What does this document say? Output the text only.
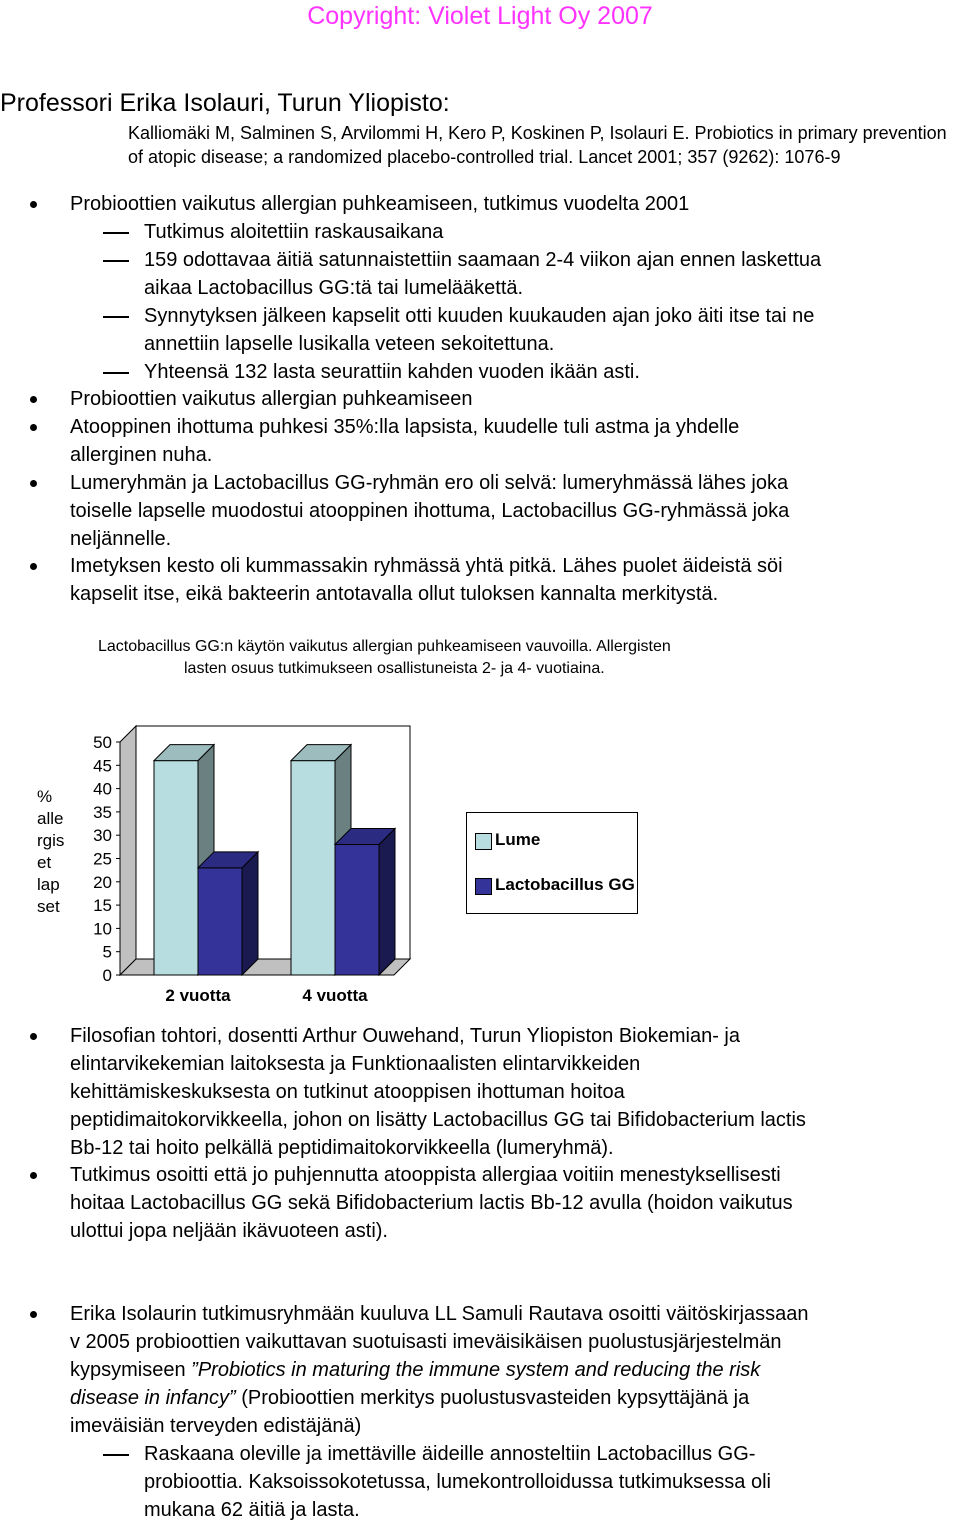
Copyright: Violet Light Oy 2007
Professori Erika Isolauri, Turun Yliopisto:
Kalliomäki M, Salminen S, Arvilommi H, Kero P, Koskinen P, Isolauri E. Probiotics in primary prevention of atopic disease; a randomized placebo-controlled trial. Lancet 2001; 357 (9262): 1076-9
Probioottien vaikutus allergian puhkeamiseen, tutkimus vuodelta 2001
Tutkimus aloitettiin raskausaikana
159 odottavaa äitiä satunnaistettiin saamaan 2-4 viikon ajan ennen laskettua
aikaa Lactobacillus GG:tä tai lumelääkettä.
Synnytyksen jälkeen kapselit otti kuuden kuukauden ajan joko äiti itse tai ne
annettiin lapselle lusikalla veteen sekoitettuna.
Yhteensä 132 lasta seurattiin kahden vuoden ikään asti.
Probioottien vaikutus allergian puhkeamiseen
Atooppinen ihottuma puhkesi 35%:lla lapsista, kuudelle tuli astma ja yhdelle
allerginen nuha.
Lumeryhmän ja Lactobacillus GG-ryhmän ero oli selvä: lumeryhmässä lähes joka
toiselle lapselle muodostui atooppinen ihottuma, Lactobacillus GG-ryhmässä joka
neljännelle.
Imetyksen kesto oli kummassakin ryhmässä yhtä pitkä. Lähes puolet äideistä söi
kapselit itse, eikä bakteerin antotavalla ollut tuloksen kannalta merkitystä.
Lactobacillus GG:n käytön vaikutus allergian puhkeamiseen vauvoilla. Allergisten
lasten osuus tutkimukseen osallistuneista 2- ja 4- vuotiaina.
%
alle
rgis
et
lap
set
0
5
10
15
20
25
30
35
40
45
50
2 vuotta	4 vuotta
Lume
Lactobacillus GG
Filosofian tohtori, dosentti Arthur Ouwehand, Turun Yliopiston Biokemian- ja
elintarvikekemian laitoksesta ja Funktionaalisten elintarvikkeiden
kehittämiskeskuksesta on tutkinut atooppisen ihottuman hoitoa
peptidimaitokorvikkeella, johon on lisätty Lactobacillus GG tai Bifidobacterium lactis
Bb-12 tai hoito pelkällä peptidimaitokorvikkeella (lumeryhmä).
Tutkimus osoitti että jo puhjennutta atooppista allergiaa voitiin menestyksellisesti
hoitaa Lactobacillus GG sekä Bifidobacterium lactis Bb-12 avulla (hoidon vaikutus
ulottui jopa neljään ikävuoteen asti).
Erika Isolaurin tutkimusryhmään kuuluva LL Samuli Rautava osoitti väitöskirjassaan
v 2005 probioottien vaikuttavan suotuisasti imeväisikäisen puolustusjärjestelmän
kypsymiseen ”Probiotics in maturing the immune system and reducing the risk
disease in infancy” (Probioottien merkitys puolustusvasteiden kypsyttäjänä ja
imeväisiän terveyden edistäjänä)
Raskaana oleville ja imettäville äideille annosteltiin Lactobacillus GG-
probioottia. Kaksoissokotetussa, lumekontrolloidussa tutkimuksessa oli
mukana 62 äitiä ja lasta.
